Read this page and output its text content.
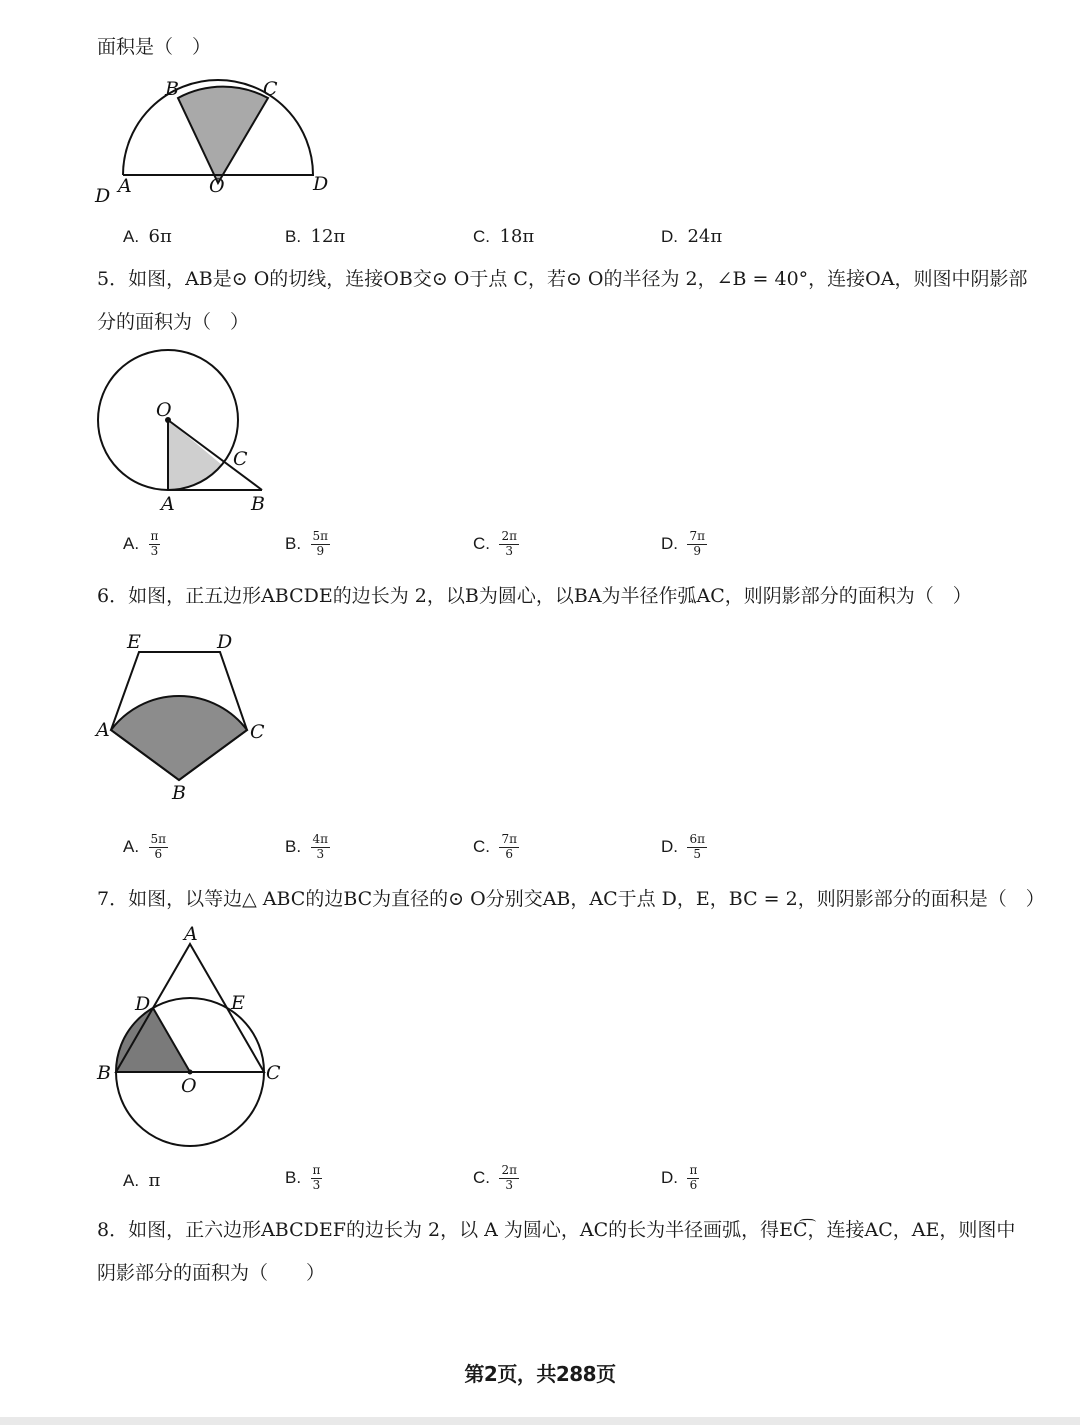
面积是（　）
B	C
A	O	D
D
A. 6π	B. 12π	C. 18π	D. 24π
5．如图，AB是⊙ O的切线，连接OB交⊙ O于点 C，若⊙ O的半径为 2，∠B = 40°，连接OA，则图中阴影部
分的面积为（　）
O
C
A	B
A. $\frac{\pi}{3}$	B. $\frac{5\pi}{9}$	C. $\frac{2\pi}{3}$	D. $\frac{7\pi}{9}$
6．如图，正五边形ABCDE的边长为 2，以B为圆心，以BA为半径作弧AC，则阴影部分的面积为（　）
E	D
A	C
B
A. $\frac{5\pi}{6}$	B. $\frac{4\pi}{3}$	C. $\frac{7\pi}{6}$	D. $\frac{6\pi}{5}$
7．如图，以等边△ ABC的边BC为直径的⊙ O分别交AB，AC于点 D，E，BC = 2，则阴影部分的面积是（　）
A
D	E
B
O
C
A. π	B. $\frac{\pi}{3}$	C. $\frac{2\pi}{3}$	D. $\frac{\pi}{6}$
8．如图，正六边形ABCDEF的边长为 2，以 A 为圆心，AC的长为半径画弧，得EC͡，连接AC，AE，则图中
阴影部分的面积为（　　）
第2页，共288页
